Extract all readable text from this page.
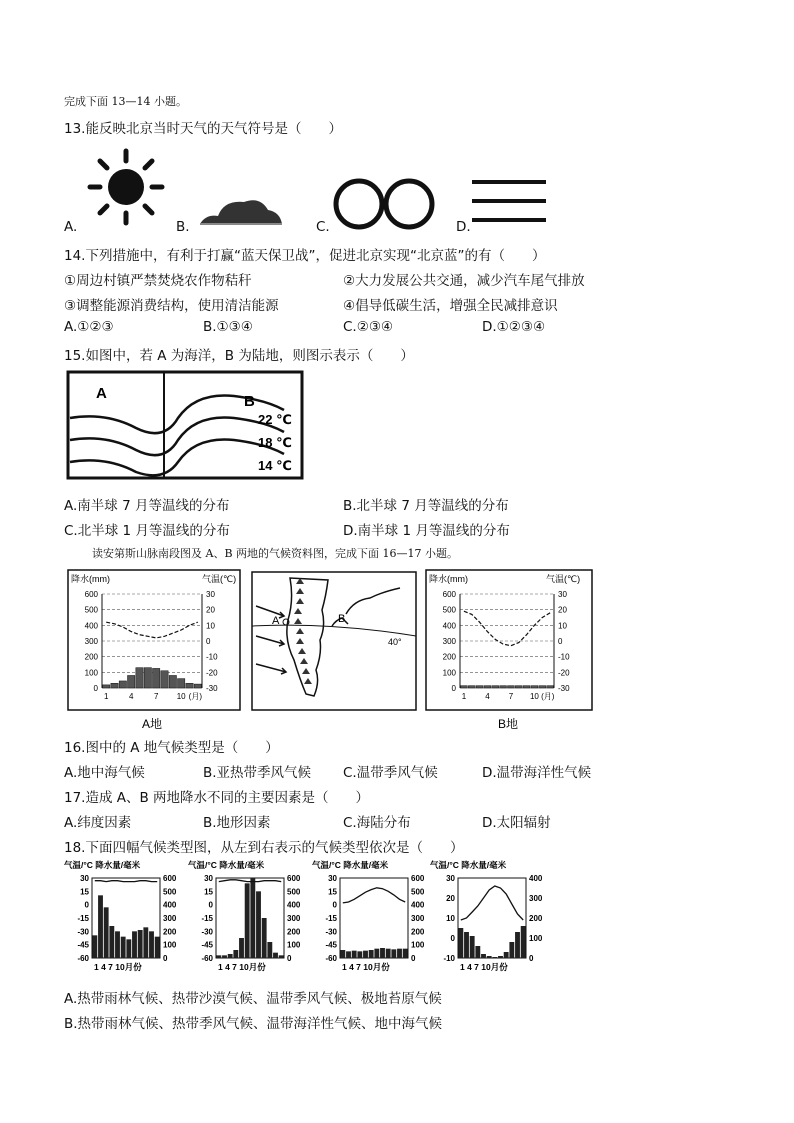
完成下面 13—14 小题。
13.能反映北京当时天气的天气符号是（　　）
A.	B.	C.	D.
14.下列措施中，有利于打赢“蓝天保卫战”，促进北京实现“北京蓝”的有（　　）
①周边村镇严禁焚烧农作物秸秆	②大力发展公共交通，减少汽车尾气排放
③调整能源消费结构，使用清洁能源	④倡导低碳生活，增强全民减排意识
A.①②③	B.①③④	C.②③④	D.①②③④
15.如图中，若 A 为海洋，B 为陆地，则图示表示（　　）
A	B
22 ℃
18 ℃
14 ℃
A.南半球 7 月等温线的分布	B.北半球 7 月等温线的分布
C.北半球 1 月等温线的分布	D.南半球 1 月等温线的分布
读安第斯山脉南段图及 A、B 两地的气候资料图，完成下面 16—17 小题。
降水(mm)	气温(℃)
600
500
400
300
200
100
0
30
20
10
0
-10
-20
-30
1	4	7 10 (月)
A地
A	B
40°
降水(mm)	气温(℃)
600
500
400
300
200
100
0
30
20
10
0
-10
-20
-30
1 4 7 10 (月)
B地
16.图中的 A 地气候类型是（　　）
A.地中海气候	B.亚热带季风气候 C.温带季风气候	D.温带海洋性气候
17.造成 A、B 两地降水不同的主要因素是（　　）
A.纬度因素	B.地形因素	C.海陆分布	D.太阳辐射
18.下面四幅气候类型图，从左到右表示的气候类型依次是（　　）
气温/°C 降水量/毫米
30
15
0
-15
-30
-45
-60
600
500
400
300
200
100
0
1 4 7 10月份
气温/°C 降水量/毫米
30
15
0
-15
-30
-45
-60
600
500
400
300
200
100
0
1 4 7 10月份
气温/°C 降水量/毫米
30
15
0
-15
-30
-45
-60
600
500
400
300
200
100
0
1 4 7 10月份
气温/°C 降水量/毫米
30
20
10
0
-10
400
300
200
100
0
1 4 7 10月份
A.热带雨林气候、热带沙漠气候、温带季风气候、极地苔原气候
B.热带雨林气候、热带季风气候、温带海洋性气候、地中海气候
